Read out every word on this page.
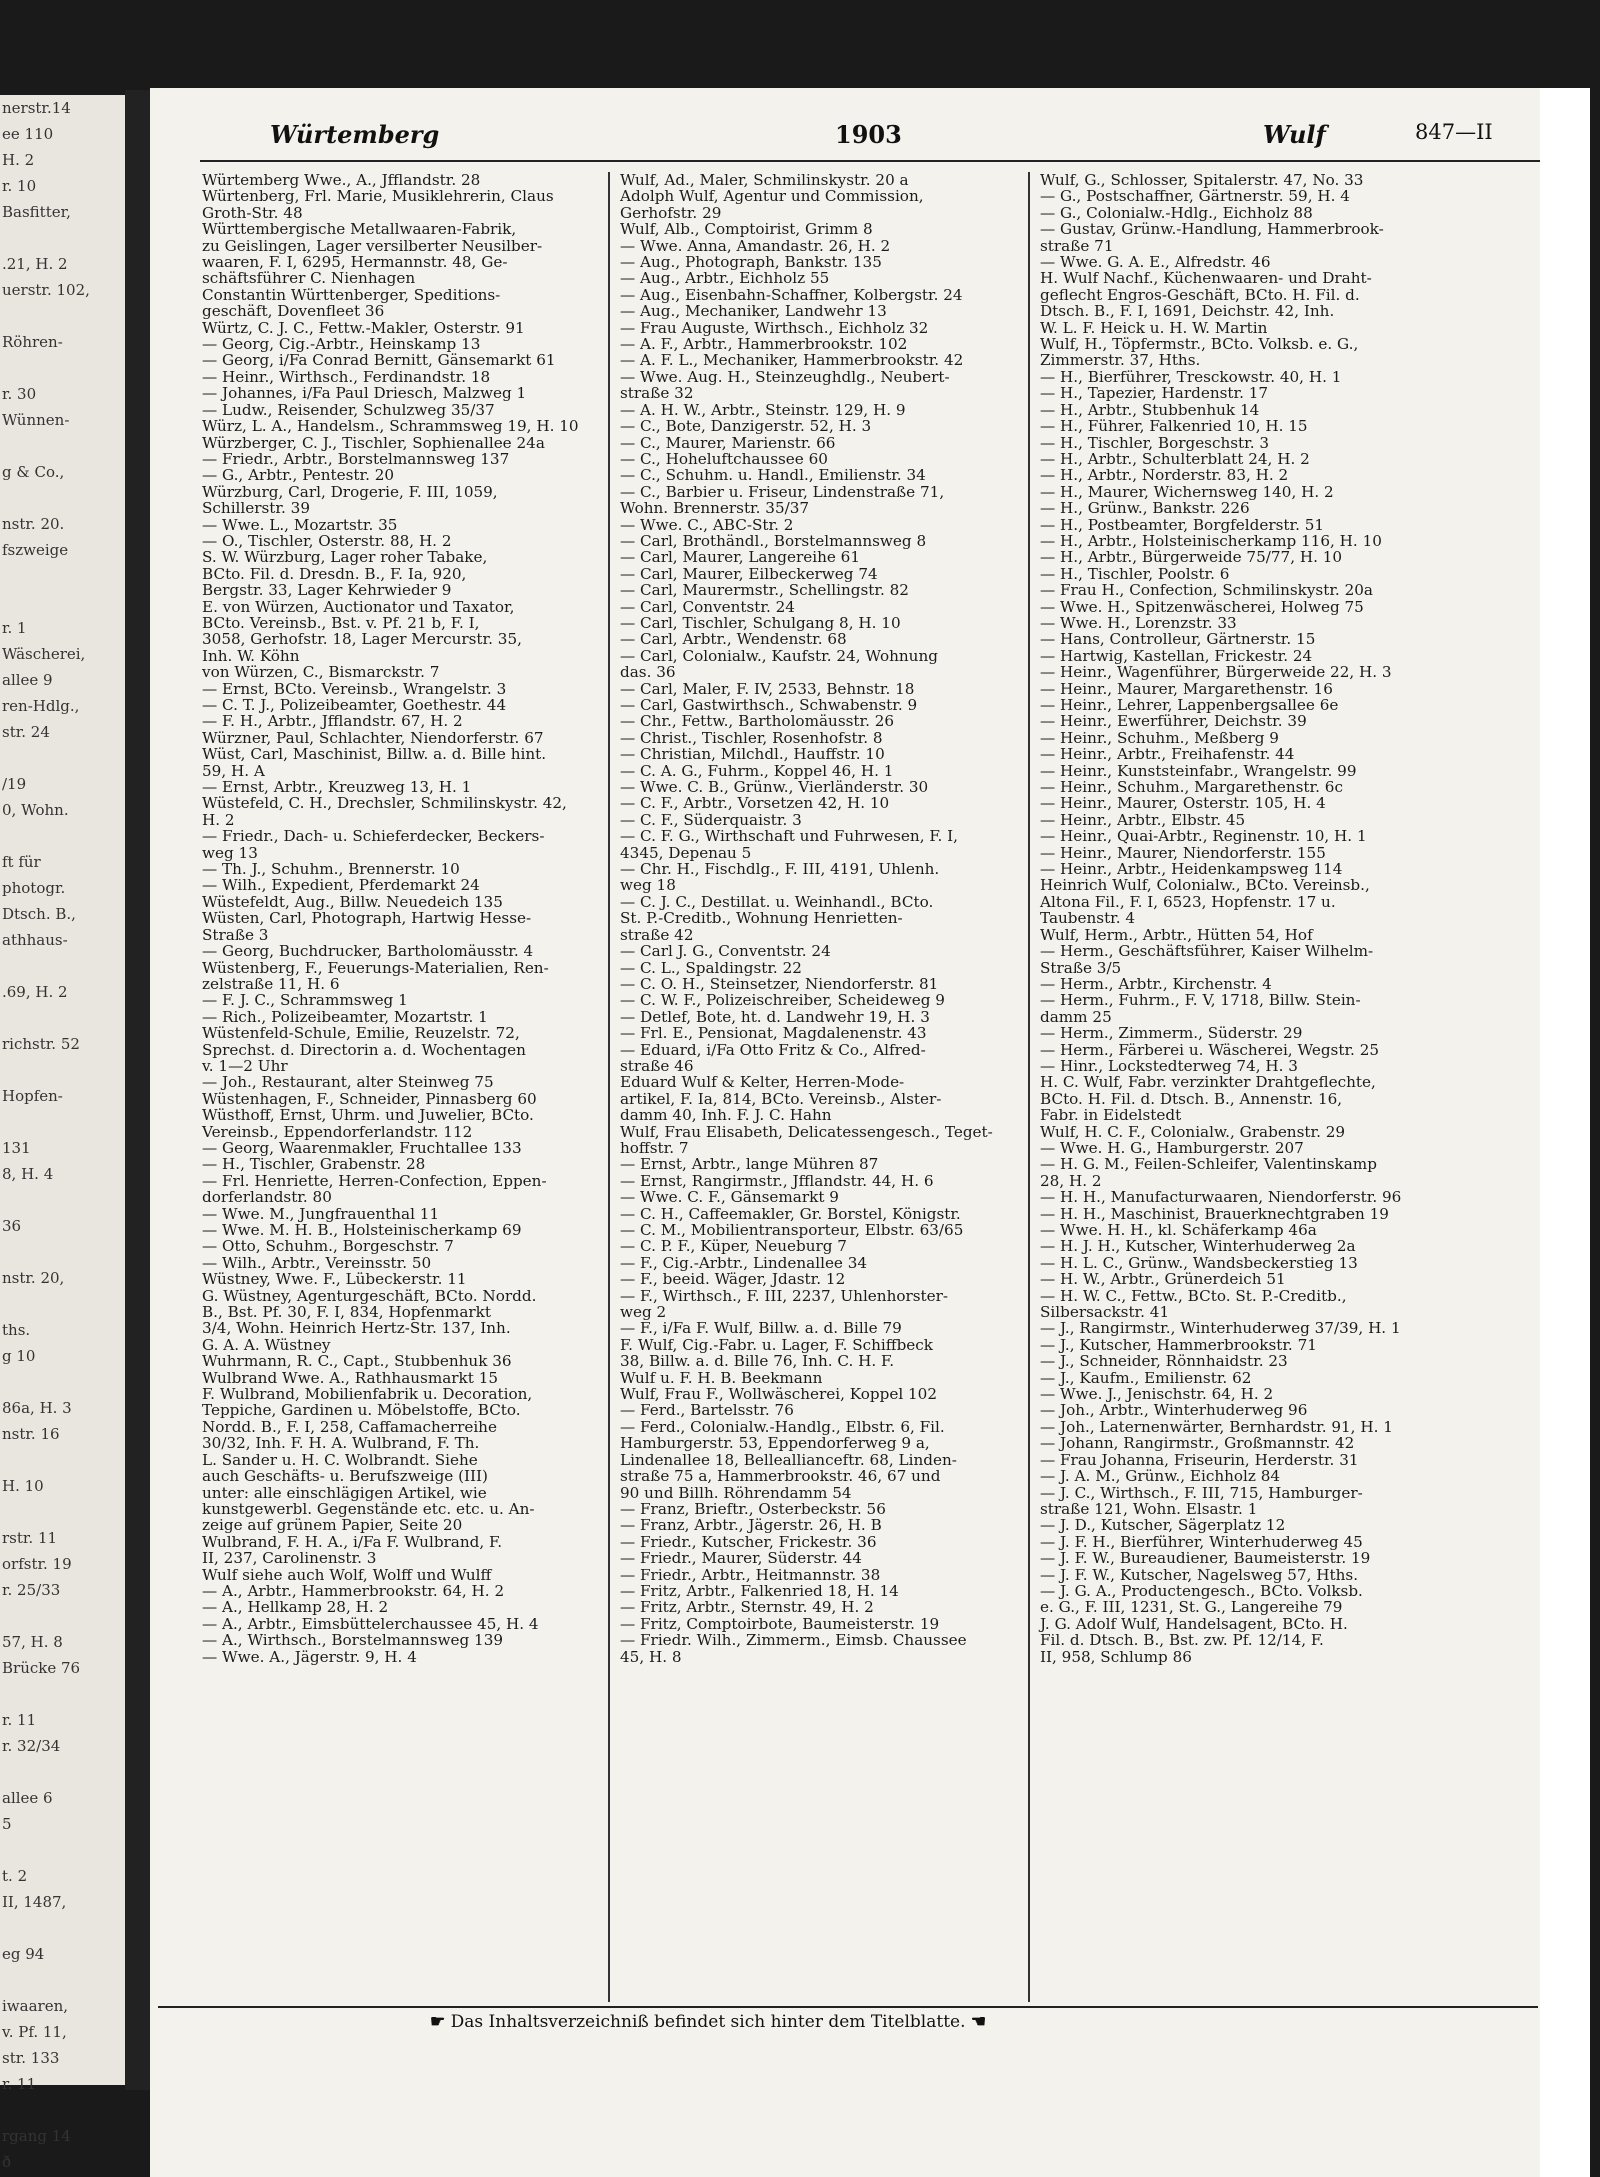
nerstr.14
ee 110
H. 2
r. 10
Basfitter,

.21, H. 2
uerstr. 102,

Röhren-

r. 30
Wünnen-

g & Co.,

nstr. 20.
fszweige

r. 1
Wäscherei,
allee 9
ren-Hdlg.,
str. 24

/19
0, Wohn.

ft für
photogr.
Dtsch. B.,
athhaus-

.69, H. 2

richstr. 52

Hopfen-

131
8, H. 4

36

nstr. 20,

ths.
g 10

86a, H. 3
nstr. 16

H. 10

rstr. 11
orfstr. 19
r. 25/33

57, H. 8
Brücke 76

r. 11
r. 32/34

allee 6
5

t. 2
II, 1487,

eg 94

iwaaren,
v. Pf. 11,
str. 133
r. 11

rgang 14
ð
Würtemberg	1903	Wulf	847—II

Würtemberg Wwe., A., Jfflandstr. 28

Würtenberg, Frl. Marie, Musiklehrerin, Claus

Groth-Str. 48

Württembergische Metallwaaren-Fabrik,

zu Geislingen, Lager versilberter Neusilber-

waaren, F. I, 6295, Hermannstr. 48, Ge-

schäftsführer C. Nienhagen

Constantin Württenberger, Speditions-

geschäft, Dovenfleet 36

Würtz, C. J. C., Fettw.-Makler, Osterstr. 91

— Georg, Cig.-Arbtr., Heinskamp 13

— Georg, i/Fa Conrad Bernitt, Gänsemarkt 61

— Heinr., Wirthsch., Ferdinandstr. 18

— Johannes, i/Fa Paul Driesch, Malzweg 1

— Ludw., Reisender, Schulzweg 35/37

Würz, L. A., Handelsm., Schrammsweg 19, H. 10

Würzberger, C. J., Tischler, Sophienallee 24a

— Friedr., Arbtr., Borstelmannsweg 137

— G., Arbtr., Pentestr. 20

Würzburg, Carl, Drogerie, F. III, 1059,

Schillerstr. 39

— Wwe. L., Mozartstr. 35

— O., Tischler, Osterstr. 88, H. 2

S. W. Würzburg, Lager roher Tabake,

BCto. Fil. d. Dresdn. B., F. Ia, 920,

Bergstr. 33, Lager Kehrwieder 9

E. von Würzen, Auctionator und Taxator,

BCto. Vereinsb., Bst. v. Pf. 21 b, F. I,

3058, Gerhofstr. 18, Lager Mercurstr. 35,

Inh. W. Köhn

von Würzen, C., Bismarckstr. 7

— Ernst, BCto. Vereinsb., Wrangelstr. 3

— C. T. J., Polizeibeamter, Goethestr. 44

— F. H., Arbtr., Jfflandstr. 67, H. 2

Würzner, Paul, Schlachter, Niendorferstr. 67

Wüst, Carl, Maschinist, Billw. a. d. Bille hint.

59, H. A

— Ernst, Arbtr., Kreuzweg 13, H. 1

Wüstefeld, C. H., Drechsler, Schmilinskystr. 42,

H. 2

— Friedr., Dach- u. Schieferdecker, Beckers-

weg 13

— Th. J., Schuhm., Brennerstr. 10

— Wilh., Expedient, Pferdemarkt 24

Wüstefeldt, Aug., Billw. Neuedeich 135

Wüsten, Carl, Photograph, Hartwig Hesse-

Straße 3

— Georg, Buchdrucker, Bartholomäusstr. 4

Wüstenberg, F., Feuerungs-Materialien, Ren-

zelstraße 11, H. 6

— F. J. C., Schrammsweg 1

— Rich., Polizeibeamter, Mozartstr. 1

Wüstenfeld-Schule, Emilie, Reuzelstr. 72,

Sprechst. d. Directorin a. d. Wochentagen

v. 1—2 Uhr

— Joh., Restaurant, alter Steinweg 75

Wüstenhagen, F., Schneider, Pinnasberg 60

Wüsthoff, Ernst, Uhrm. und Juwelier, BCto.

Vereinsb., Eppendorferlandstr. 112

— Georg, Waarenmakler, Fruchtallee 133

— H., Tischler, Grabenstr. 28

— Frl. Henriette, Herren-Confection, Eppen-

dorferlandstr. 80

— Wwe. M., Jungfrauenthal 11

— Wwe. M. H. B., Holsteinischerkamp 69

— Otto, Schuhm., Borgeschstr. 7

— Wilh., Arbtr., Vereinsstr. 50

Wüstney, Wwe. F., Lübeckerstr. 11

G. Wüstney, Agenturgeschäft, BCto. Nordd.

B., Bst. Pf. 30, F. I, 834, Hopfenmarkt

3/4, Wohn. Heinrich Hertz-Str. 137, Inh.

G. A. A. Wüstney

Wuhrmann, R. C., Capt., Stubbenhuk 36

Wulbrand Wwe. A., Rathhausmarkt 15

F. Wulbrand, Mobilienfabrik u. Decoration,

Teppiche, Gardinen u. Möbelstoffe, BCto.

Nordd. B., F. I, 258, Caffamacherreihe

30/32, Inh. F. H. A. Wulbrand, F. Th.

L. Sander u. H. C. Wolbrandt. Siehe

auch Geschäfts- u. Berufszweige (III)

unter: alle einschlägigen Artikel, wie

kunstgewerbl. Gegenstände etc. etc. u. An-

zeige auf grünem Papier, Seite 20

Wulbrand, F. H. A., i/Fa F. Wulbrand, F.

II, 237, Carolinenstr. 3

Wulf siehe auch Wolf, Wolff und Wulff

— A., Arbtr., Hammerbrookstr. 64, H. 2

— A., Hellkamp 28, H. 2

— A., Arbtr., Eimsbüttelerchaussee 45, H. 4

— A., Wirthsch., Borstelmannsweg 139

— Wwe. A., Jägerstr. 9, H. 4

Wulf, Ad., Maler, Schmilinskystr. 20 a

Adolph Wulf, Agentur und Commission,

Gerhofstr. 29

Wulf, Alb., Comptoirist, Grimm 8

— Wwe. Anna, Amandastr. 26, H. 2

— Aug., Photograph, Bankstr. 135

— Aug., Arbtr., Eichholz 55

— Aug., Eisenbahn-Schaffner, Kolbergstr. 24

— Aug., Mechaniker, Landwehr 13

— Frau Auguste, Wirthsch., Eichholz 32

— A. F., Arbtr., Hammerbrookstr. 102

— A. F. L., Mechaniker, Hammerbrookstr. 42

— Wwe. Aug. H., Steinzeughdlg., Neubert-

straße 32

— A. H. W., Arbtr., Steinstr. 129, H. 9

— C., Bote, Danzigerstr. 52, H. 3

— C., Maurer, Marienstr. 66

— C., Hoheluftchaussee 60

— C., Schuhm. u. Handl., Emilienstr. 34

— C., Barbier u. Friseur, Lindenstraße 71,

Wohn. Brennerstr. 35/37

— Wwe. C., ABC-Str. 2

— Carl, Brothändl., Borstelmannsweg 8

— Carl, Maurer, Langereihe 61

— Carl, Maurer, Eilbeckerweg 74

— Carl, Maurermstr., Schellingstr. 82

— Carl, Conventstr. 24

— Carl, Tischler, Schulgang 8, H. 10

— Carl, Arbtr., Wendenstr. 68

— Carl, Colonialw., Kaufstr. 24, Wohnung

das. 36

— Carl, Maler, F. IV, 2533, Behnstr. 18

— Carl, Gastwirthsch., Schwabenstr. 9

— Chr., Fettw., Bartholomäusstr. 26

— Christ., Tischler, Rosenhofstr. 8

— Christian, Milchdl., Hauffstr. 10

— C. A. G., Fuhrm., Koppel 46, H. 1

— Wwe. C. B., Grünw., Vierländerstr. 30

— C. F., Arbtr., Vorsetzen 42, H. 10

— C. F., Süderquaistr. 3

— C. F. G., Wirthschaft und Fuhrwesen, F. I,

4345, Depenau 5

— Chr. H., Fischdlg., F. III, 4191, Uhlenh.

weg 18

— C. J. C., Destillat. u. Weinhandl., BCto.

St. P.-Creditb., Wohnung Henrietten-

straße 42

— Carl J. G., Conventstr. 24

— C. L., Spaldingstr. 22

— C. O. H., Steinsetzer, Niendorferstr. 81

— C. W. F., Polizeischreiber, Scheideweg 9

— Detlef, Bote, ht. d. Landwehr 19, H. 3

— Frl. E., Pensionat, Magdalenenstr. 43

— Eduard, i/Fa Otto Fritz & Co., Alfred-

straße 46

Eduard Wulf & Kelter, Herren-Mode-

artikel, F. Ia, 814, BCto. Vereinsb., Alster-

damm 40, Inh. F. J. C. Hahn

Wulf, Frau Elisabeth, Delicatessengesch., Teget-

hoffstr. 7

— Ernst, Arbtr., lange Mühren 87

— Ernst, Rangirmstr., Jfflandstr. 44, H. 6

— Wwe. C. F., Gänsemarkt 9

— C. H., Caffeemakler, Gr. Borstel, Königstr.

— C. M., Mobilientransporteur, Elbstr. 63/65

— C. P. F., Küper, Neueburg 7

— F., Cig.-Arbtr., Lindenallee 34

— F., beeid. Wäger, Jdastr. 12

— F., Wirthsch., F. III, 2237, Uhlenhorster-

weg 2

— F., i/Fa F. Wulf, Billw. a. d. Bille 79

F. Wulf, Cig.-Fabr. u. Lager, F. Schiffbeck

38, Billw. a. d. Bille 76, Inh. C. H. F.

Wulf u. F. H. B. Beekmann

Wulf, Frau F., Wollwäscherei, Koppel 102

— Ferd., Bartelsstr. 76

— Ferd., Colonialw.-Handlg., Elbstr. 6, Fil.

Hamburgerstr. 53, Eppendorferweg 9 a,

Lindenallee 18, Belleallianceftr. 68, Linden-

straße 75 a, Hammerbrookstr. 46, 67 und

90 und Billh. Röhrendamm 54

— Franz, Brieftr., Osterbeckstr. 56

— Franz, Arbtr., Jägerstr. 26, H. B

— Friedr., Kutscher, Frickestr. 36

— Friedr., Maurer, Süderstr. 44

— Friedr., Arbtr., Heitmannstr. 38

— Fritz, Arbtr., Falkenried 18, H. 14

— Fritz, Arbtr., Sternstr. 49, H. 2

— Fritz, Comptoirbote, Baumeisterstr. 19

— Friedr. Wilh., Zimmerm., Eimsb. Chaussee

45, H. 8

Wulf, G., Schlosser, Spitalerstr. 47, No. 33

— G., Postschaffner, Gärtnerstr. 59, H. 4

— G., Colonialw.-Hdlg., Eichholz 88

— Gustav, Grünw.-Handlung, Hammerbrook-

straße 71

— Wwe. G. A. E., Alfredstr. 46

H. Wulf Nachf., Küchenwaaren- und Draht-

geflecht Engros-Geschäft, BCto. H. Fil. d.

Dtsch. B., F. I, 1691, Deichstr. 42, Inh.

W. L. F. Heick u. H. W. Martin

Wulf, H., Töpfermstr., BCto. Volksb. e. G.,

Zimmerstr. 37, Hths.

— H., Bierführer, Tresckowstr. 40, H. 1

— H., Tapezier, Hardenstr. 17

— H., Arbtr., Stubbenhuk 14

— H., Führer, Falkenried 10, H. 15

— H., Tischler, Borgeschstr. 3

— H., Arbtr., Schulterblatt 24, H. 2

— H., Arbtr., Norderstr. 83, H. 2

— H., Maurer, Wichernsweg 140, H. 2

— H., Grünw., Bankstr. 226

— H., Postbeamter, Borgfelderstr. 51

— H., Arbtr., Holsteinischerkamp 116, H. 10

— H., Arbtr., Bürgerweide 75/77, H. 10

— H., Tischler, Poolstr. 6

— Frau H., Confection, Schmilinskystr. 20a

— Wwe. H., Spitzenwäscherei, Holweg 75

— Wwe. H., Lorenzstr. 33

— Hans, Controlleur, Gärtnerstr. 15

— Hartwig, Kastellan, Frickestr. 24

— Heinr., Wagenführer, Bürgerweide 22, H. 3

— Heinr., Maurer, Margarethenstr. 16

— Heinr., Lehrer, Lappenbergsallee 6e

— Heinr., Ewerführer, Deichstr. 39

— Heinr., Schuhm., Meßberg 9

— Heinr., Arbtr., Freihafenstr. 44

— Heinr., Kunststeinfabr., Wrangelstr. 99

— Heinr., Schuhm., Margarethenstr. 6c

— Heinr., Maurer, Osterstr. 105, H. 4

— Heinr., Arbtr., Elbstr. 45

— Heinr., Quai-Arbtr., Reginenstr. 10, H. 1

— Heinr., Maurer, Niendorferstr. 155

— Heinr., Arbtr., Heidenkampsweg 114

Heinrich Wulf, Colonialw., BCto. Vereinsb.,

Altona Fil., F. I, 6523, Hopfenstr. 17 u.

Taubenstr. 4

Wulf, Herm., Arbtr., Hütten 54, Hof

— Herm., Geschäftsführer, Kaiser Wilhelm-

Straße 3/5

— Herm., Arbtr., Kirchenstr. 4

— Herm., Fuhrm., F. V, 1718, Billw. Stein-

damm 25

— Herm., Zimmerm., Süderstr. 29

— Herm., Färberei u. Wäscherei, Wegstr. 25

— Hinr., Lockstedterweg 74, H. 3

H. C. Wulf, Fabr. verzinkter Drahtgeflechte,

BCto. H. Fil. d. Dtsch. B., Annenstr. 16,

Fabr. in Eidelstedt

Wulf, H. C. F., Colonialw., Grabenstr. 29

— Wwe. H. G., Hamburgerstr. 207

— H. G. M., Feilen-Schleifer, Valentinskamp

28, H. 2

— H. H., Manufacturwaaren, Niendorferstr. 96

— H. H., Maschinist, Brauerknechtgraben 19

— Wwe. H. H., kl. Schäferkamp 46a

— H. J. H., Kutscher, Winterhuderweg 2a

— H. L. C., Grünw., Wandsbeckerstieg 13

— H. W., Arbtr., Grünerdeich 51

— H. W. C., Fettw., BCto. St. P.-Creditb.,

Silbersackstr. 41

— J., Rangirmstr., Winterhuderweg 37/39, H. 1

— J., Kutscher, Hammerbrookstr. 71

— J., Schneider, Rönnhaidstr. 23

— J., Kaufm., Emilienstr. 62

— Wwe. J., Jenischstr. 64, H. 2

— Joh., Arbtr., Winterhuderweg 96

— Joh., Laternenwärter, Bernhardstr. 91, H. 1

— Johann, Rangirmstr., Großmannstr. 42

— Frau Johanna, Friseurin, Herderstr. 31

— J. A. M., Grünw., Eichholz 84

— J. C., Wirthsch., F. III, 715, Hamburger-

straße 121, Wohn. Elsastr. 1

— J. D., Kutscher, Sägerplatz 12

— J. F. H., Bierführer, Winterhuderweg 45

— J. F. W., Bureaudiener, Baumeisterstr. 19

— J. F. W., Kutscher, Nagelsweg 57, Hths.

— J. G. A., Productengesch., BCto. Volksb.

e. G., F. III, 1231, St. G., Langereihe 79

J. G. Adolf Wulf, Handelsagent, BCto. H.

Fil. d. Dtsch. B., Bst. zw. Pf. 12/14, F.

II, 958, Schlump 86

☛ Das Inhaltsverzeichniß befindet sich hinter dem Titelblatte. ☚
